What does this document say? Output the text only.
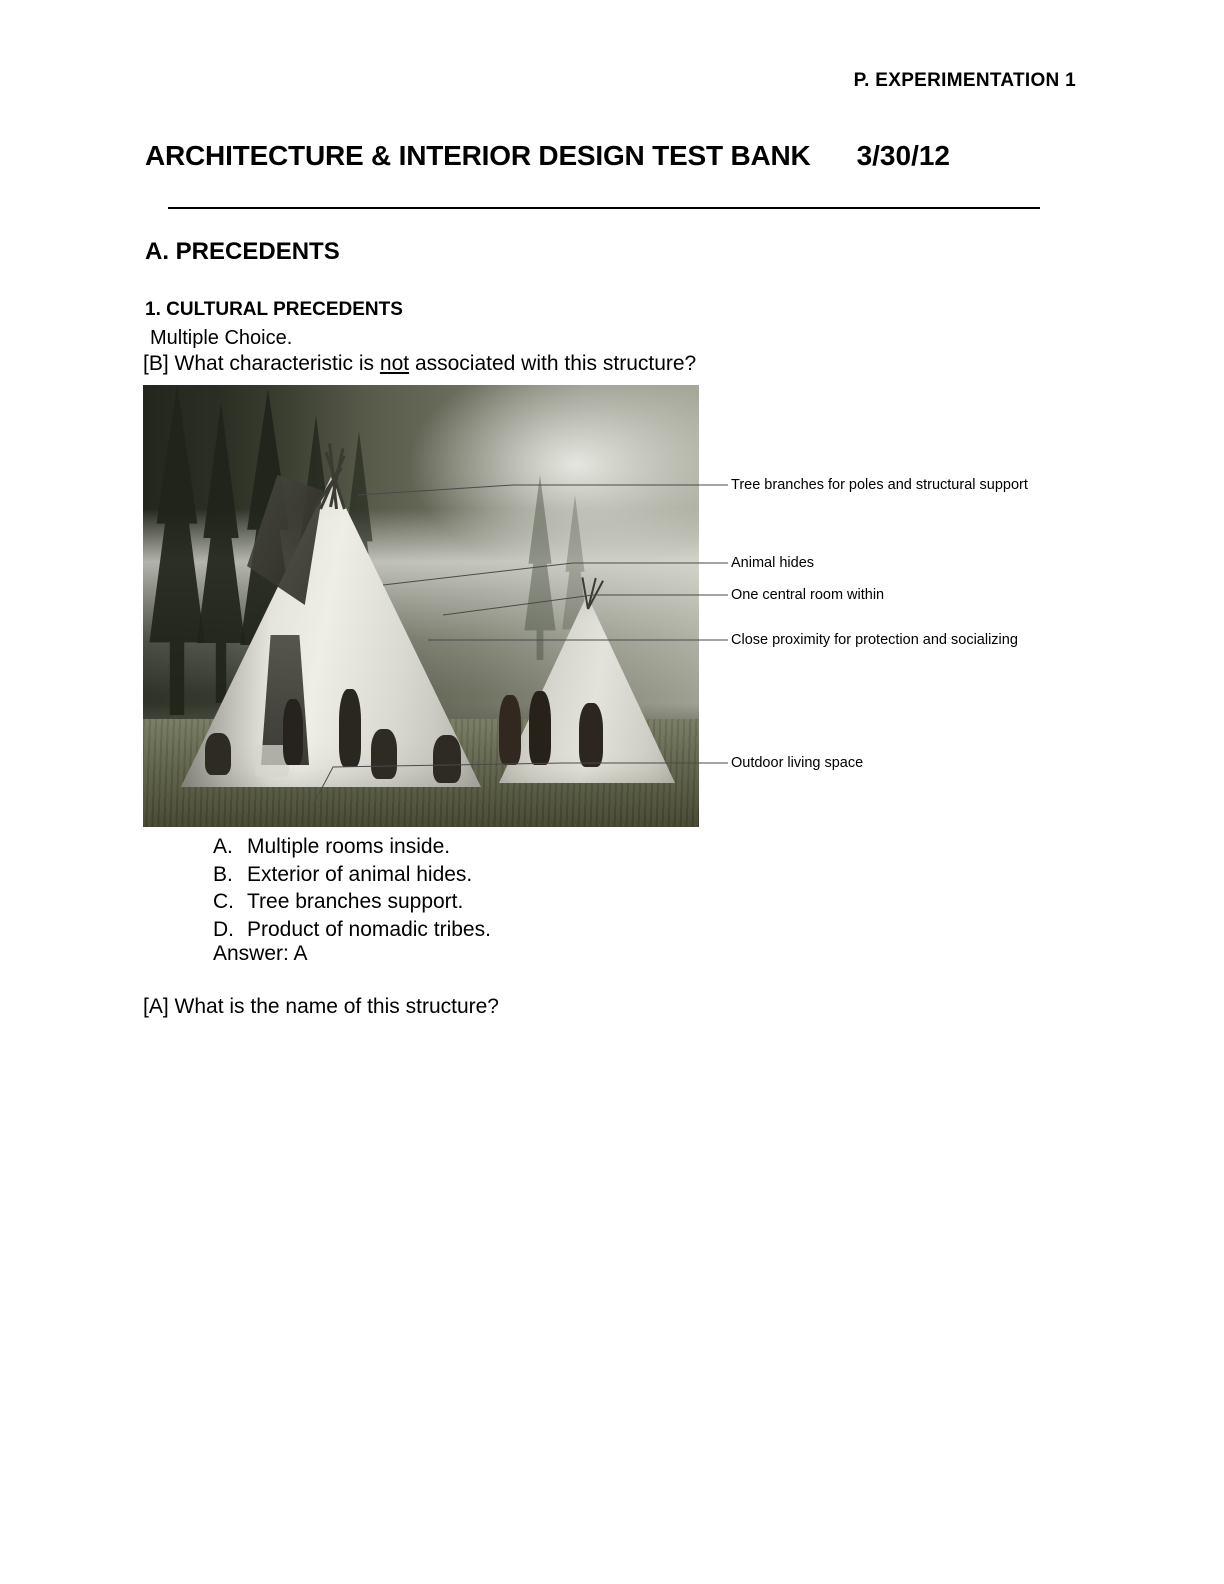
P. EXPERIMENTATION 1
ARCHITECTURE & INTERIOR DESIGN TEST BANK 3/30/12
A. PRECEDENTS
1. CULTURAL PRECEDENTS
Multiple Choice.
[B] What characteristic is not associated with this structure?
Tree branches for poles and structural support
Animal hides
One central room within
Close proximity for protection and socializing
Outdoor living space
A. Multiple rooms inside.
B. Exterior of animal hides.
C. Tree branches support.
D. Product of nomadic tribes.
Answer: A
[A] What is the name of this structure?
